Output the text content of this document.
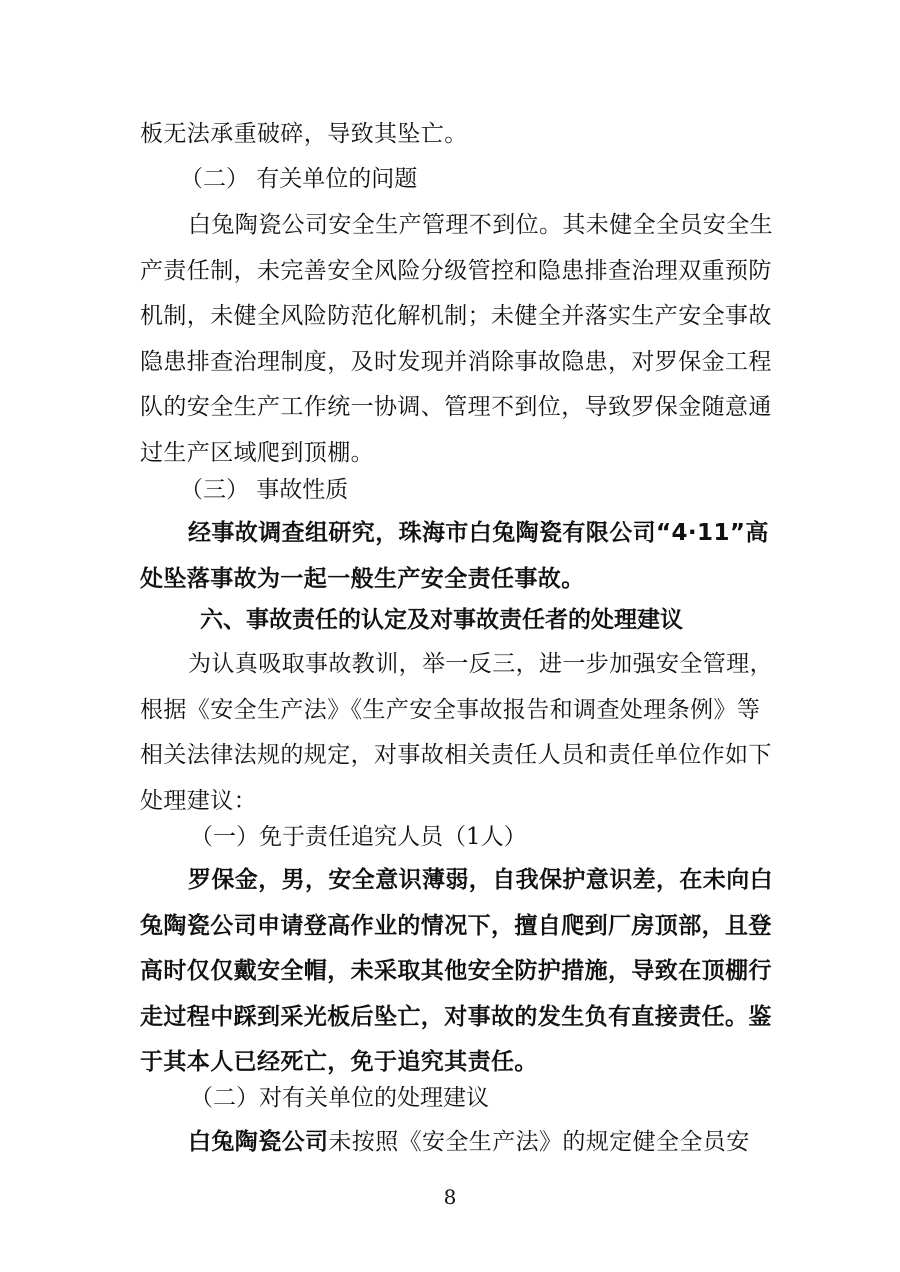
板无法承重破碎，导致其坠亡。

（二） 有关单位的问题

白兔陶瓷公司安全生产管理不到位。其未健全全员安全生产责任制，未完善安全风险分级管控和隐患排查治理双重预防机制，未健全风险防范化解机制；未健全并落实生产安全事故隐患排查治理制度，及时发现并消除事故隐患，对罗保金工程队的安全生产工作统一协调、管理不到位，导致罗保金随意通过生产区域爬到顶棚。

（三） 事故性质

经事故调查组研究，珠海市白兔陶瓷有限公司“4·11”高处坠落事故为一起一般生产安全责任事故。

六、事故责任的认定及对事故责任者的处理建议

为认真吸取事故教训，举一反三，进一步加强安全管理，根据《安全生产法》《生产安全事故报告和调查处理条例》等相关法律法规的规定，对事故相关责任人员和责任单位作如下处理建议：

（一）免于责任追究人员（1人）

罗保金，男，安全意识薄弱，自我保护意识差，在未向白兔陶瓷公司申请登高作业的情况下，擅自爬到厂房顶部，且登高时仅仅戴安全帽，未采取其他安全防护措施，导致在顶棚行走过程中踩到采光板后坠亡，对事故的发生负有直接责任。鉴于其本人已经死亡，免于追究其责任。

（二）对有关单位的处理建议

白兔陶瓷公司未按照《安全生产法》的规定健全全员安

8
